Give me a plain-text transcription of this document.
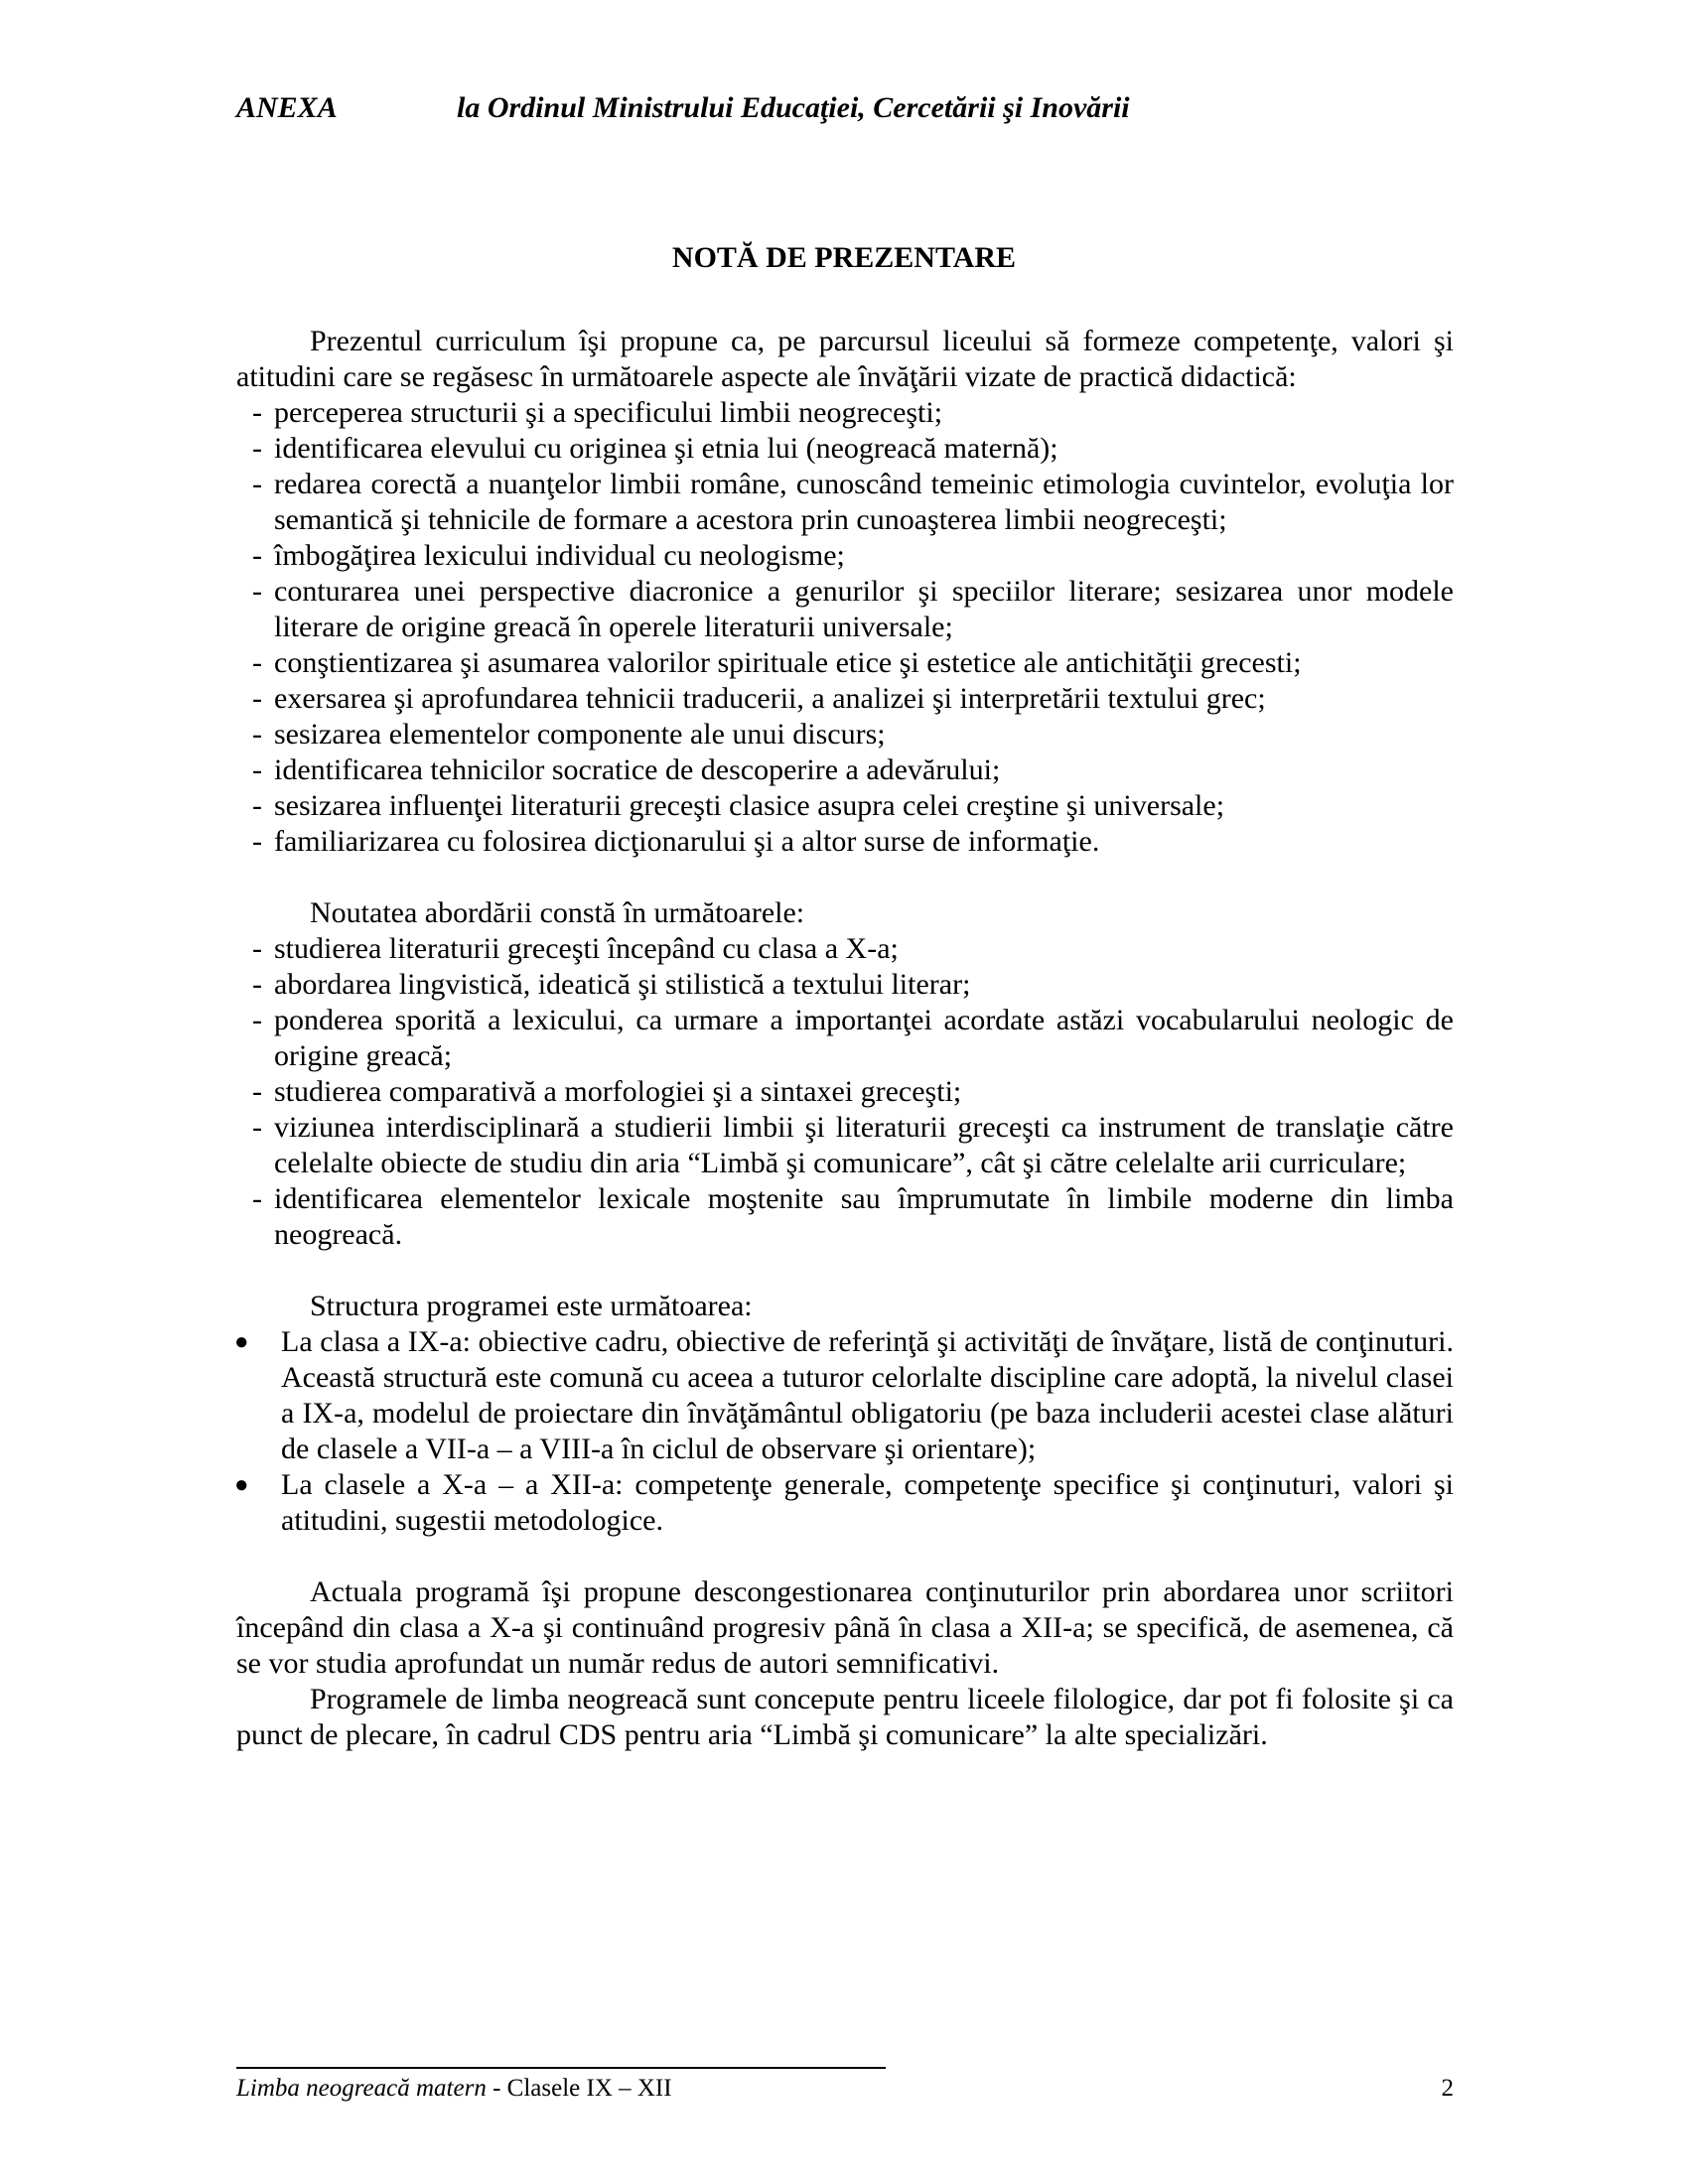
ANEXA	la Ordinul Ministrului Educaţiei, Cercetării şi Inovării
NOTĂ DE PREZENTARE

Prezentul curriculum îşi propune ca, pe parcursul liceului să formeze competenţe, valori şi atitudini care se regăsesc în următoarele aspecte ale învăţării vizate de practică didactică:

- perceperea structurii şi a specificului limbii neogreceşti;
- identificarea elevului cu originea şi etnia lui (neogreacă maternă);
- redarea corectă a nuanţelor limbii române, cunoscând temeinic etimologia cuvintelor, evoluţia lor semantică şi tehnicile de formare a acestora prin cunoaşterea limbii neogreceşti;
- îmbogăţirea lexicului individual cu neologisme;
- conturarea unei perspective diacronice a genurilor şi speciilor literare; sesizarea unor modele literare de origine greacă în operele literaturii universale;
- conştientizarea şi asumarea valorilor spirituale etice şi estetice ale antichităţii grecesti;
- exersarea şi aprofundarea tehnicii traducerii, a analizei şi interpretării textului grec;
- sesizarea elementelor componente ale unui discurs;
- identificarea tehnicilor socratice de descoperire a adevărului;
- sesizarea influenţei literaturii greceşti clasice asupra celei creştine şi universale;
- familiarizarea cu folosirea dicţionarului şi a altor surse de informaţie.

Noutatea abordării constă în următoarele:

- studierea literaturii greceşti începând cu clasa a X-a;
- abordarea lingvistică, ideatică şi stilistică a textului literar;
- ponderea sporită a lexicului, ca urmare a importanţei acordate astăzi vocabularului neologic de origine greacă;
- studierea comparativă a morfologiei şi a sintaxei greceşti;
- viziunea interdisciplinară a studierii limbii şi literaturii greceşti ca instrument de translaţie către celelalte obiecte de studiu din aria “Limbă şi comunicare”, cât şi către celelalte arii curriculare;
- identificarea elementelor lexicale moştenite sau împrumutate în limbile moderne din limba neogreacă.

Structura programei este următoarea:

● La clasa a IX-a: obiective cadru, obiective de referinţă şi activităţi de învăţare, listă de conţinuturi. Această structură este comună cu aceea a tuturor celorlalte discipline care adoptă, la nivelul clasei a IX-a, modelul de proiectare din învăţământul obligatoriu (pe baza includerii acestei clase alături de clasele a VII-a – a VIII-a în ciclul de observare şi orientare);
● La clasele a X-a – a XII-a: competenţe generale, competenţe specifice şi conţinuturi, valori şi atitudini, sugestii metodologice.

Actuala programă îşi propune descongestionarea conţinuturilor prin abordarea unor scriitori începând din clasa a X-a şi continuând progresiv până în clasa a XII-a; se specifică, de asemenea, că se vor studia aprofundat un număr redus de autori semnificativi.

Programele de limba neogreacă sunt concepute pentru liceele filologice, dar pot fi folosite şi ca punct de plecare, în cadrul CDS pentru aria “Limbă şi comunicare” la alte specializări.

Limba neogreacă matern - Clasele IX – XII	2
